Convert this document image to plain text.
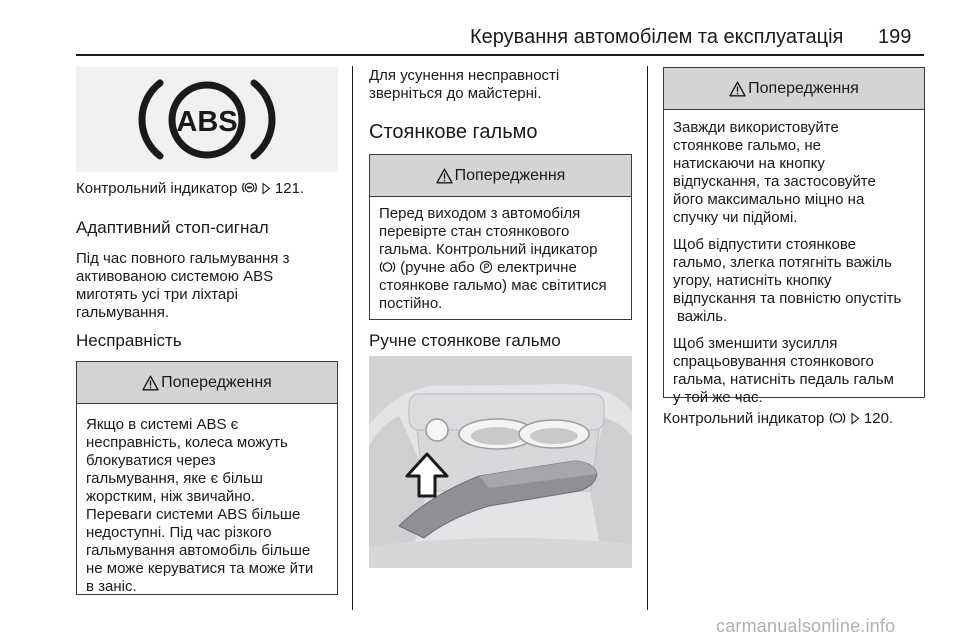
Керування автомобілем та експлуатація 199
ABS
Контрольний індикатор	121.
Адаптивний стоп-сигнал
Під час повного гальмування з
активованою системою ABS
миготять усі три ліхтарі
гальмування.
Несправність
Попередження
Якщо в системі ABS є
несправність, колеса можуть
блокуватися через
гальмування, яке є більш
жорстким, ніж звичайно.
Переваги системи ABS більше
недоступні. Під час різкого
гальмування автомобіль більше
не може керуватися та може йти
в заніс.
Для усунення несправності
зверніться до майстерні.
Стоянкове гальмо
Попередження
Перед виходом з автомобіля
перевірте стан стоянкового
гальма. Контрольний індикатор
(ручне або електричне
стоянкове гальмо) має світитися
постійно.
Ручне стоянкове гальмо
Попередження
Завжди використовуйте
стоянкове гальмо, не
натискаючи на кнопку
відпускання, та застосовуйте
його максимально міцно на
спучку чи підйомі.
Щоб відпустити стоянкове
гальмо, злегка потягніть важіль
угору, натисніть кнопку
відпускання та повністю опустіть
важіль.
Щоб зменшити зусилля
спрацьовування стоянкового
гальма, натисніть педаль гальм
у той же час.
Контрольний індикатор	120.
carmanualsonline.info
